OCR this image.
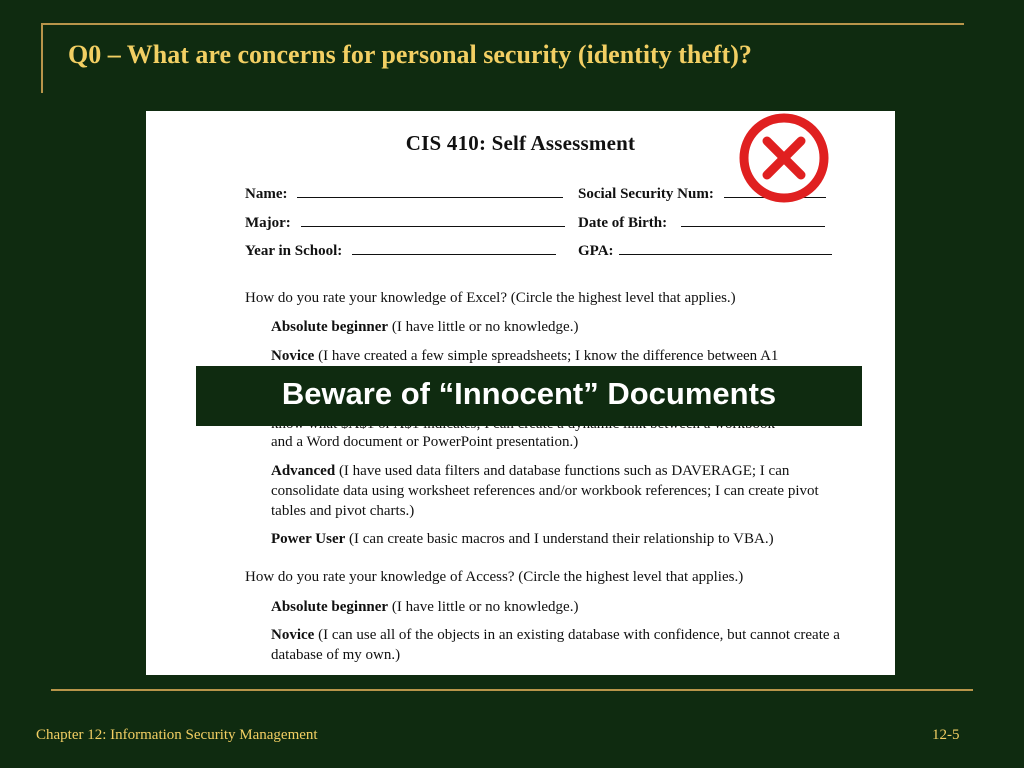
Q0 – What are concerns for personal security (identity theft)?
CIS 410: Self Assessment
Name:	Social Security Num:
Major:	Date of Birth:
Year in School:	GPA:
How do you rate your knowledge of Excel? (Circle the highest level that applies.)
Absolute beginner (I have little or no knowledge.)
Novice (I have created a few simple spreadsheets; I know the difference between A1
and a Word document or PowerPoint presentation.)
Advanced (I have used data filters and database functions such as DAVERAGE; I can consolidate data using worksheet references and/or workbook references; I can create pivot tables and pivot charts.)
Power User (I can create basic macros and I understand their relationship to VBA.)
How do you rate your knowledge of Access? (Circle the highest level that applies.)
Absolute beginner (I have little or no knowledge.)
Novice (I can use all of the objects in an existing database with confidence, but cannot create a database of my own.)
Beware of “Innocent” Documents
Chapter 12: Information Security Management	12-5
